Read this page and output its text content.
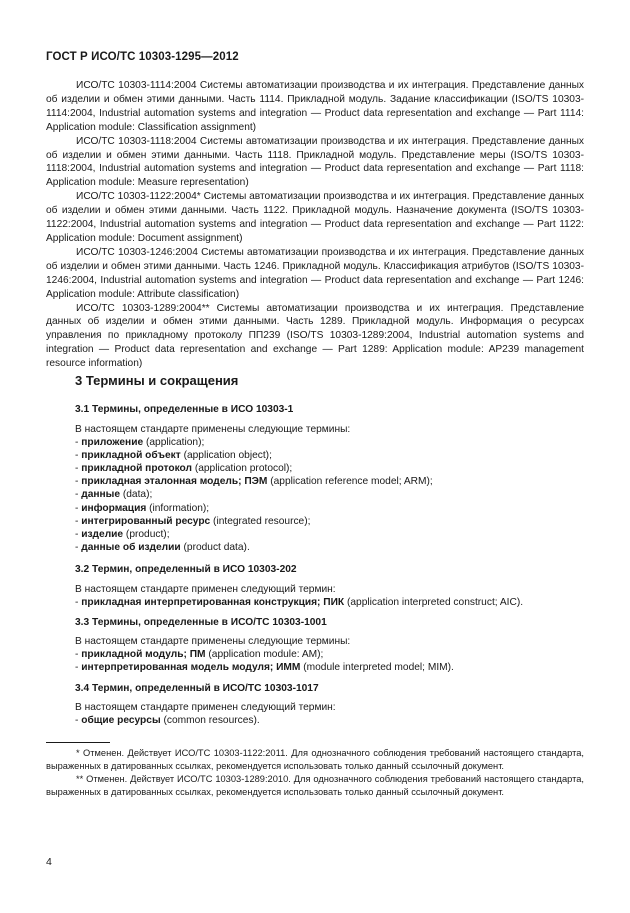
ГОСТ Р ИСО/ТС 10303-1295—2012

ИСО/ТС 10303-1114:2004 Системы автоматизации производства и их интеграция. Представление данных об изделии и обмен этими данными. Часть 1114. Прикладной модуль. Задание классификации (ISO/TS 10303-1114:2004, Industrial automation systems and integration — Product data representation and exchange — Part 1114: Application module: Classification assignment)

ИСО/ТС 10303-1118:2004 Системы автоматизации производства и их интеграция. Представление данных об изделии и обмен этими данными. Часть 1118. Прикладной модуль. Представление меры (ISO/TS 10303-1118:2004, Industrial automation systems and integration — Product data representation and exchange — Part 1118: Application module: Measure representation)

ИСО/ТС 10303-1122:2004* Системы автоматизации производства и их интеграция. Представление данных об изделии и обмен этими данными. Часть 1122. Прикладной модуль. Назначение документа (ISO/TS 10303-1122:2004, Industrial automation systems and integration — Product data representation and exchange — Part 1122: Application module: Document assignment)

ИСО/ТС 10303-1246:2004 Системы автоматизации производства и их интеграция. Представление данных об изделии и обмен этими данными. Часть 1246. Прикладной модуль. Классификация атрибутов (ISO/TS 10303-1246:2004, Industrial automation systems and integration — Product data representation and exchange — Part 1246: Application module: Attribute classification)

ИСО/ТС 10303-1289:2004** Системы автоматизации производства и их интеграция. Представление данных об изделии и обмен этими данными. Часть 1289. Прикладной модуль. Информация о ресурсах управления по прикладному протоколу ПП239 (ISO/TS 10303-1289:2004, Industrial automation systems and integration — Product data representation and exchange — Part 1289: Application module: AP239 management resource information)

3 Термины и сокращения
3.1 Термины, определенные в ИСО 10303-1
В настоящем стандарте применены следующие термины:
- приложение (application);
- прикладной объект (application object);
- прикладной протокол (application protocol);
- прикладная эталонная модель; ПЭМ (application reference model; ARM);
- данные (data);
- информация (information);
- интегрированный ресурс (integrated resource);
- изделие (product);
- данные об изделии (product data).
3.2 Термин, определенный в ИСО 10303-202
В настоящем стандарте применен следующий термин:
- прикладная интерпретированная конструкция; ПИК (application interpreted construct; AIC).
3.3 Термины, определенные в ИСО/ТС 10303-1001
В настоящем стандарте применены следующие термины:
- прикладной модуль; ПМ (application module: AM);
- интерпретированная модель модуля; ИММ (module interpreted model; MIM).
3.4 Термин, определенный в ИСО/ТС 10303-1017
В настоящем стандарте применен следующий термин:
- общие ресурсы (common resources).

* Отменен. Действует ИСО/ТС 10303-1122:2011. Для однозначного соблюдения требований настоящего стандарта, выраженных в датированных ссылках, рекомендуется использовать только данный ссылочный документ.

** Отменен. Действует ИСО/ТС 10303-1289:2010. Для однозначного соблюдения требований настоящего стандарта, выраженных в датированных ссылках, рекомендуется использовать только данный ссылочный документ.

4
